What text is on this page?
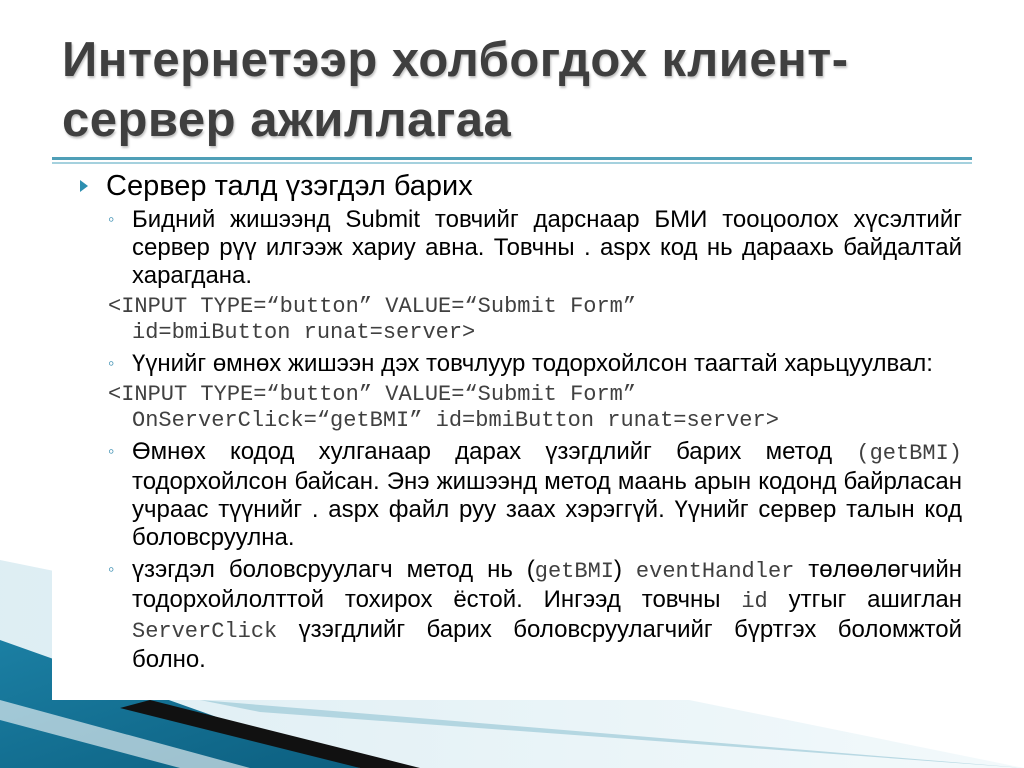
Интернетээр холбогдох клиент-
сервер ажиллагаа
Сервер талд үзэгдэл барих
◦ Бидний жишээнд Submit товчийг дарснаар БМИ тооцоолох хүсэлтийг сервер рүү илгээж хариу авна. Товчны . aspx код нь дараахь байдалтай харагдана.
<INPUT TYPE=“button” VALUE=“Submit Form”
id=bmiButton runat=server>
◦ Үүнийг өмнөх жишээн дэх товчлуур тодорхойлсон таагтай харьцуулвал:
<INPUT TYPE=“button” VALUE=“Submit Form”
OnServerClick=“getBMI” id=bmiButton runat=server>
◦ Өмнөх кодод хулганаар дарах үзэгдлийг барих метод (getBMI) тодорхойлсон байсан. Энэ жишээнд метод маань арын кодонд байрласан учраас түүнийг . aspx файл руу заах хэрэггүй. Үүнийг сервер талын код боловсруулна.
◦ үзэгдэл боловсруулагч метод нь (getBMI) eventHandler төлөөлөгчийн тодорхойлолттой тохирох ёстой. Ингээд товчны id утгыг ашиглан ServerClick үзэгдлийг барих боловсруулагчийг бүртгэх боломжтой болно.
